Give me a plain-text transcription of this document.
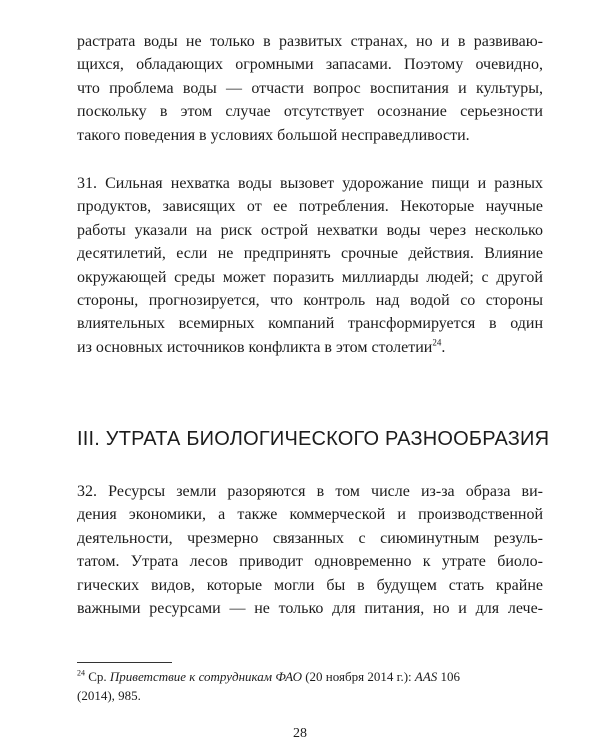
растрата воды не только в развитых странах, но и в развиваю-
щихся, обладающих огромными запасами. Поэтому очевидно,
что проблема воды — отчасти вопрос воспитания и культуры,
поскольку в этом случае отсутствует осознание серьезности
такого поведения в условиях большой несправедливости.
31. Сильная нехватка воды вызовет удорожание пищи и разных
продуктов, зависящих от ее потребления. Некоторые научные
работы указали на риск острой нехватки воды через несколько
десятилетий, если не предпринять срочные действия. Влияние
окружающей среды может поразить миллиарды людей; с другой
стороны, прогнозируется, что контроль над водой со стороны
влиятельных всемирных компаний трансформируется в один
из основных источников конфликта в этом столетии$^{24}$.
III. УТРАТА БИОЛОГИЧЕСКОГО РАЗНООБРАЗИЯ
32. Ресурсы земли разоряются в том числе из-за образа ви-
дения экономики, а также коммерческой и производственной
деятельности, чрезмерно связанных с сиюминутным резуль-
татом. Утрата лесов приводит одновременно к утрате биоло-
гических видов, которые могли бы в будущем стать крайне
важными ресурсами — не только для питания, но и для лече-
$^{24}$ Ср. Приветствие к сотрудникам ФАО (20 ноября 2014 г.): AAS 106
(2014), 985.
28
